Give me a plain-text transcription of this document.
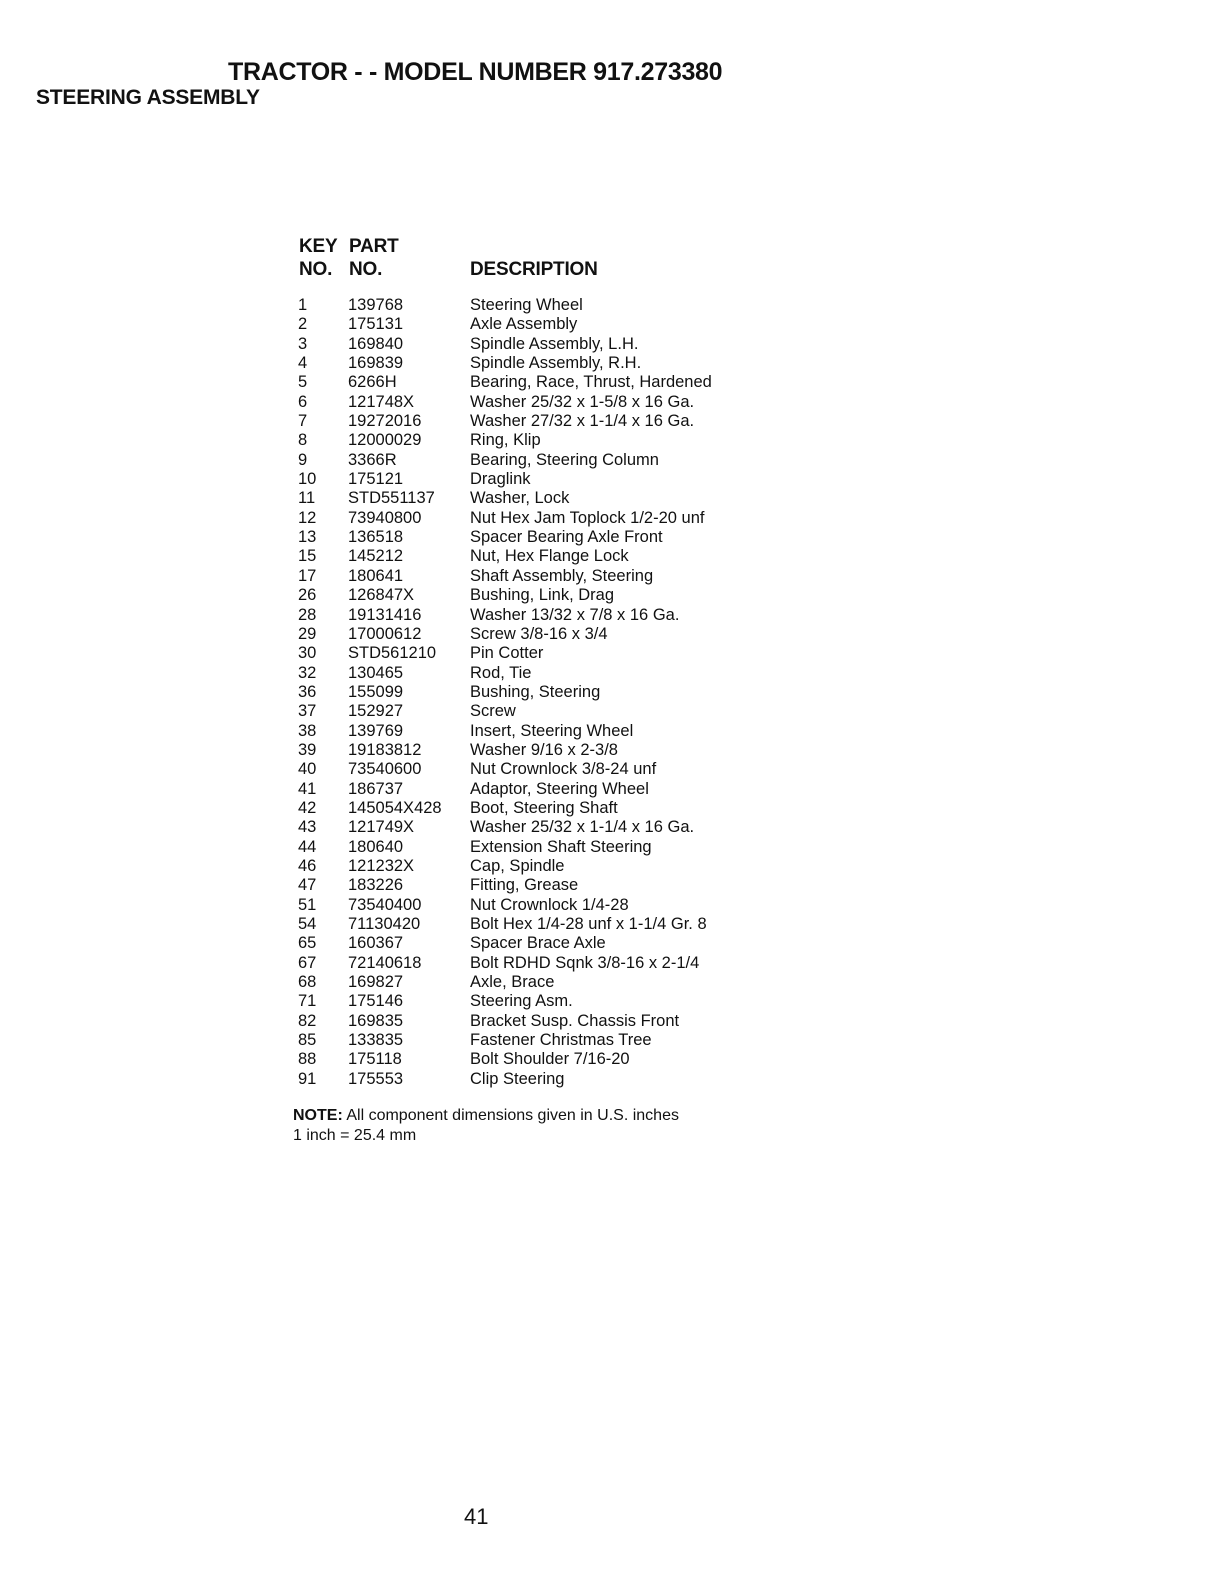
TRACTOR - - MODEL NUMBER 917.273380
STEERING ASSEMBLY
KEY
NO.
PART
NO.	DESCRIPTION
1 139768	Steering Wheel
2 175131	Axle Assembly
3 169840	Spindle Assembly, L.H.
4 169839	Spindle Assembly, R.H.
5 6266H	Bearing, Race, Thrust, Hardened
6 121748X	Washer 25/32 x 1-5/8 x 16 Ga.
7 19272016	Washer 27/32 x 1-1/4 x 16 Ga.
8 12000029	Ring, Klip
9 3366R	Bearing, Steering Column
10 175121	Draglink
11 STD551137 Washer, Lock
12 73940800	Nut Hex Jam Toplock 1/2-20 unf
13 136518	Spacer Bearing Axle Front
15 145212	Nut, Hex Flange Lock
17 180641	Shaft Assembly, Steering
26 126847X	Bushing, Link, Drag
28 19131416	Washer 13/32 x 7/8 x 16 Ga.
29 17000612	Screw 3/8-16 x 3/4
30 STD561210 Pin Cotter
32 130465	Rod, Tie
36 155099	Bushing, Steering
37 152927	Screw
38 139769	Insert, Steering Wheel
39 19183812	Washer 9/16 x 2-3/8
40 73540600	Nut Crownlock 3/8-24 unf
41 186737	Adaptor, Steering Wheel
42 145054X428 Boot, Steering Shaft
43 121749X	Washer 25/32 x 1-1/4 x 16 Ga.
44 180640	Extension Shaft Steering
46 121232X	Cap, Spindle
47 183226	Fitting, Grease
51 73540400	Nut Crownlock 1/4-28
54 71130420	Bolt Hex 1/4-28 unf x 1-1/4 Gr. 8
65 160367	Spacer Brace Axle
67 72140618	Bolt RDHD Sqnk 3/8-16 x 2-1/4
68 169827	Axle, Brace
71 175146	Steering Asm.
82 169835	Bracket Susp. Chassis Front
85 133835	Fastener Christmas Tree
88 175118	Bolt Shoulder 7/16-20
91 175553	Clip Steering
NOTE: All component dimensions given in U.S. inches
1 inch = 25.4 mm
41
